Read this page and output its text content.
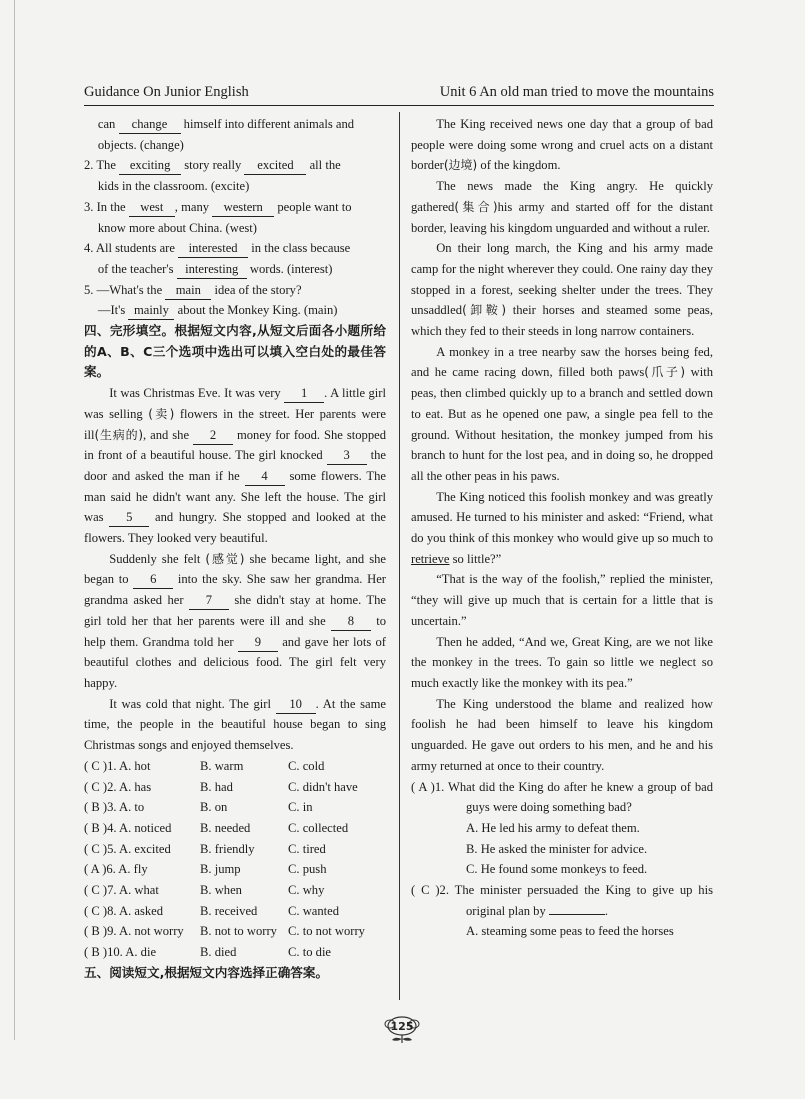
Guidance On Junior English	Unit 6 An old man tried to move the mountains

can change himself into different animals and

objects. (change)

2. The exciting story really excited all the

kids in the classroom. (excite)

3. In the west , many western people want to

know more about China. (west)

4. All students are interested in the class because

of the teacher's interesting words. (interest)

5. —What's the main idea of the story?

—It's mainly about the Monkey King. (main)

四、完形填空。根据短文内容,从短文后面各小题所给的A、B、C三个选项中选出可以填入空白处的最佳答案。

It was Christmas Eve. It was very 1 . A little girl was selling (卖) flowers in the street. Her parents were ill(生病的), and she 2 money for food. She stopped in front of a beautiful house. The girl knocked 3 the door and asked the man if he 4 some flowers. The man said he didn't want any. She left the house. The girl was 5 and hungry. She stopped and looked at the flowers. They looked very beautiful.

Suddenly she felt (感觉) she became light, and she began to 6 into the sky. She saw her grandma. Her grandma asked her 7 she didn't stay at home. The girl told her that her parents were ill and she 8 to help them. Grandma told her 9 and gave her lots of beautiful clothes and delicious food. The girl felt very happy.

It was cold that night. The girl 10 . At the same time, the people in the beautiful house began to sing Christmas songs and enjoyed themselves.

( C )1. A. hot	B. warm	C. cold
( C )2. A. has	B. had	C. didn't have
( B )3. A. to	B. on	C. in
( B )4. A. noticed	B. needed	C. collected
( C )5. A. excited	B. friendly	C. tired
( A )6. A. fly	B. jump	C. push
( C )7. A. what	B. when	C. why
( C )8. A. asked	B. received	C. wanted
( B )9. A. not worry	B. not to worry C. to not worry
( B )10. A. die	B. died	C. to die

五、阅读短文,根据短文内容选择正确答案。

The King received news one day that a group of bad people were doing some wrong and cruel acts on a distant border(边境) of the kingdom.

The news made the King angry. He quickly gathered(集合)his army and started off for the distant border, leaving his kingdom unguarded and without a ruler.

On their long march, the King and his army made camp for the night wherever they could. One rainy day they stopped in a forest, seeking shelter under the trees. They unsaddled(卸鞍) their horses and steamed some peas, which they fed to their steeds in long narrow containers.

A monkey in a tree nearby saw the horses being fed, and he came racing down, filled both paws(爪子) with peas, then climbed quickly up to a branch and settled down to eat. But as he opened one paw, a single pea fell to the ground. Without hesitation, the monkey jumped from his branch to hunt for the lost pea, and in doing so, he dropped all the other peas in his paws.

The King noticed this foolish monkey and was greatly amused. He turned to his minister and asked: “Friend, what do you think of this monkey who would give up so much to retrieve so little?”

“That is the way of the foolish,” replied the minister, “they will give up much that is certain for a little that is uncertain.”

Then he added, “And we, Great King, are we not like the monkey in the trees. To gain so little we neglect so much exactly like the monkey with its pea.”

The King understood the blame and realized how foolish he had been himself to leave his kingdom unguarded. He gave out orders to his men, and he and his army returned at once to their country.

( A )1. What did the King do after he knew a group of bad guys were doing something bad?

A. He led his army to defeat them.

B. He asked the minister for advice.

C. He found some monkeys to feed.

( C )2. The minister persuaded the King to give up his original plan by	.

A. steaming some peas to feed the horses

125
